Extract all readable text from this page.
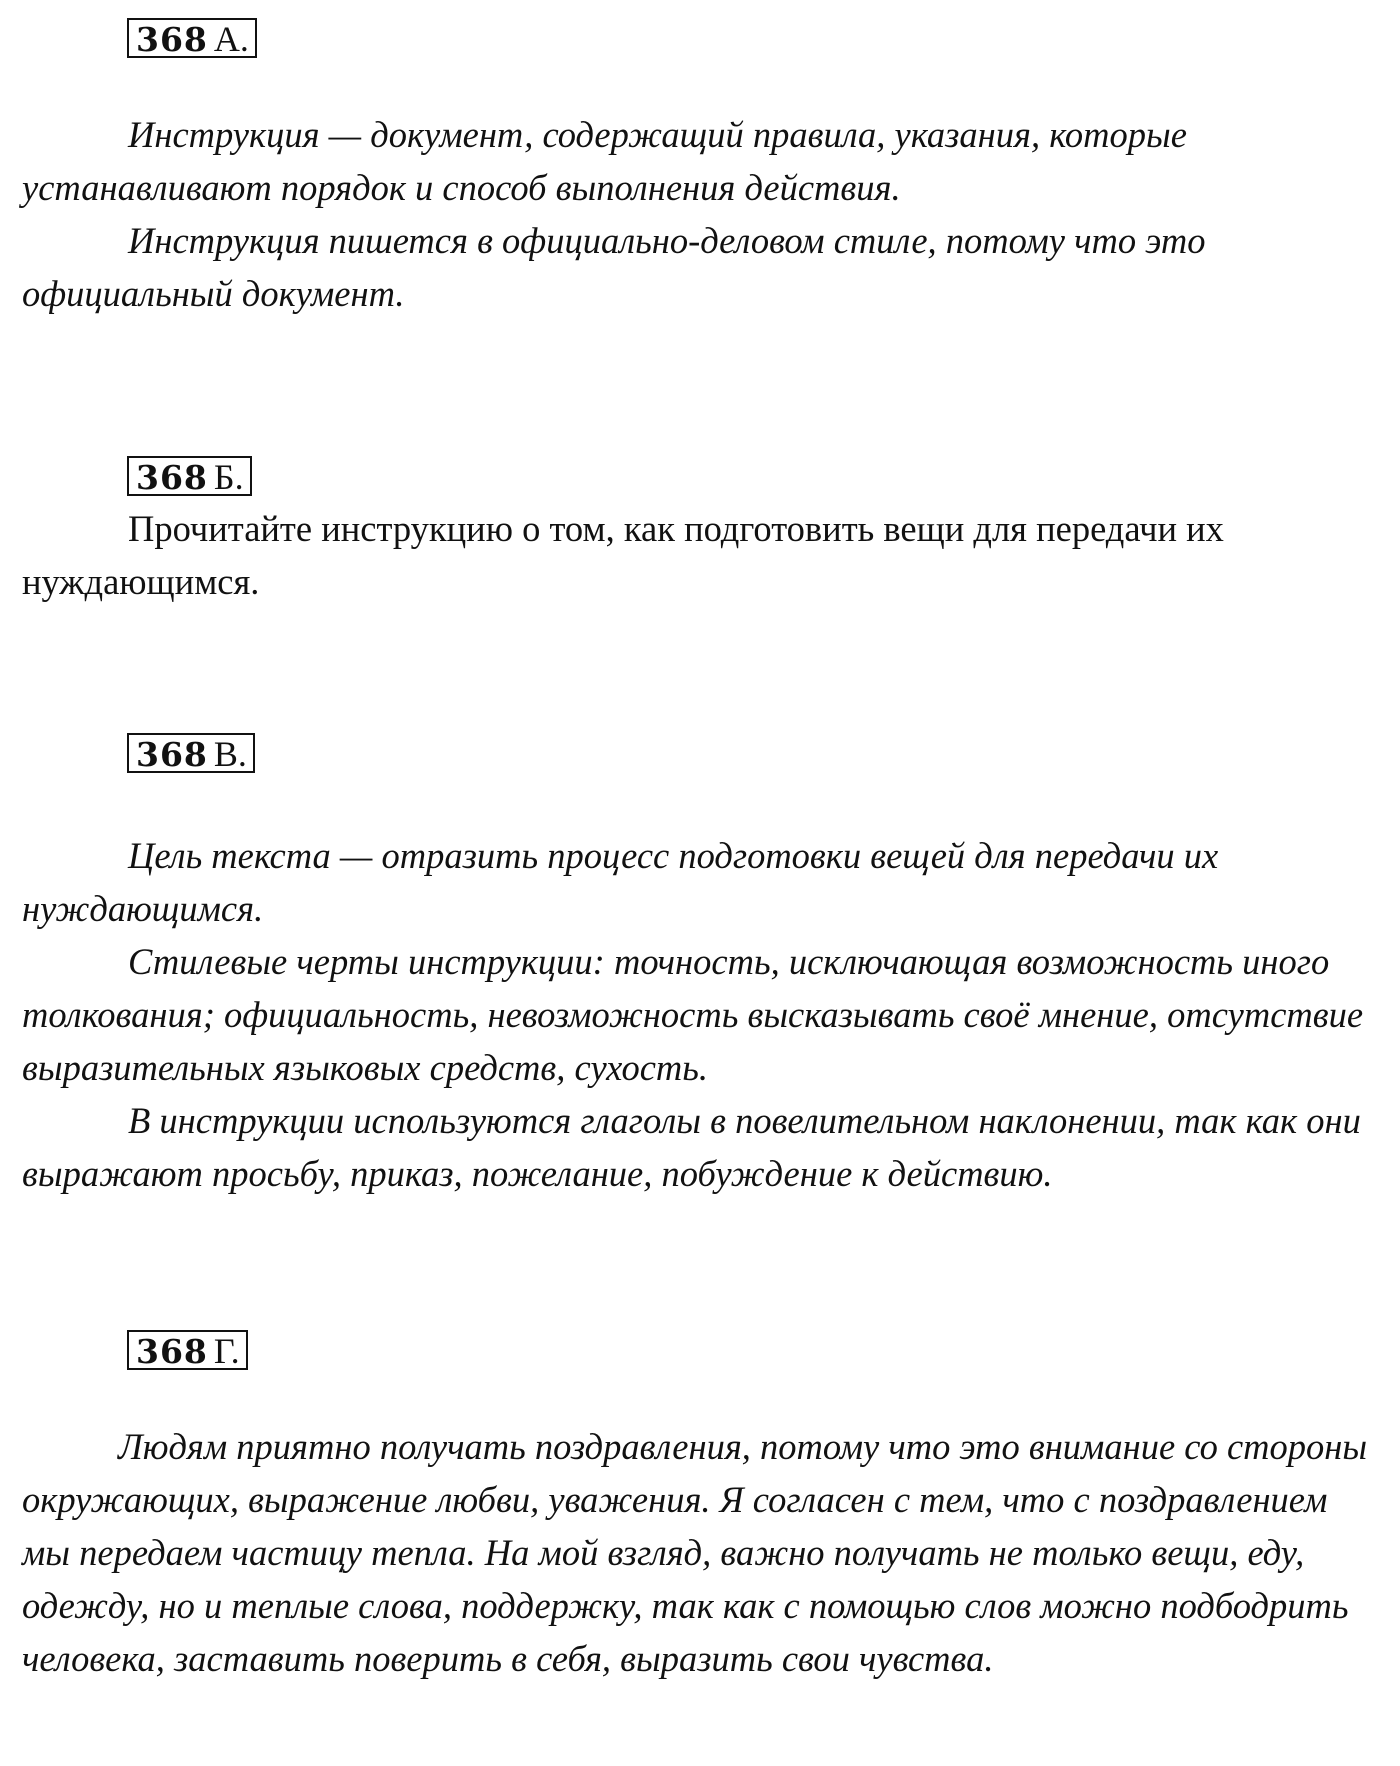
368 А.

Инструкция — документ, содержащий правила, указания, которые устанавливают порядок и способ выполнения действия.

Инструкция пишется в официально-деловом стиле, потому что это официальный документ.

368 Б.

Прочитайте инструкцию о том, как подготовить вещи для передачи их нуждающимся.

368 В.

Цель текста — отразить процесс подготовки вещей для передачи их нуждающимся.

Стилевые черты инструкции: точность, исключающая возможность иного толкования; официальность, невозможность высказывать своё мнение, отсутствие выразительных языковых средств, сухость.

В инструкции используются глаголы в повелительном наклонении, так как они выражают просьбу, приказ, пожелание, побуждение к действию.

368 Г.

Людям приятно получать поздравления, потому что это внимание со стороны окружающих, выражение любви, уважения. Я согласен с тем, что с поздравлением мы передаем частицу тепла. На мой взгляд, важно получать не только вещи, еду, одежду, но и теплые слова, поддержку, так как с помощью слов можно подбодрить человека, заставить поверить в себя, выразить свои чувства.
